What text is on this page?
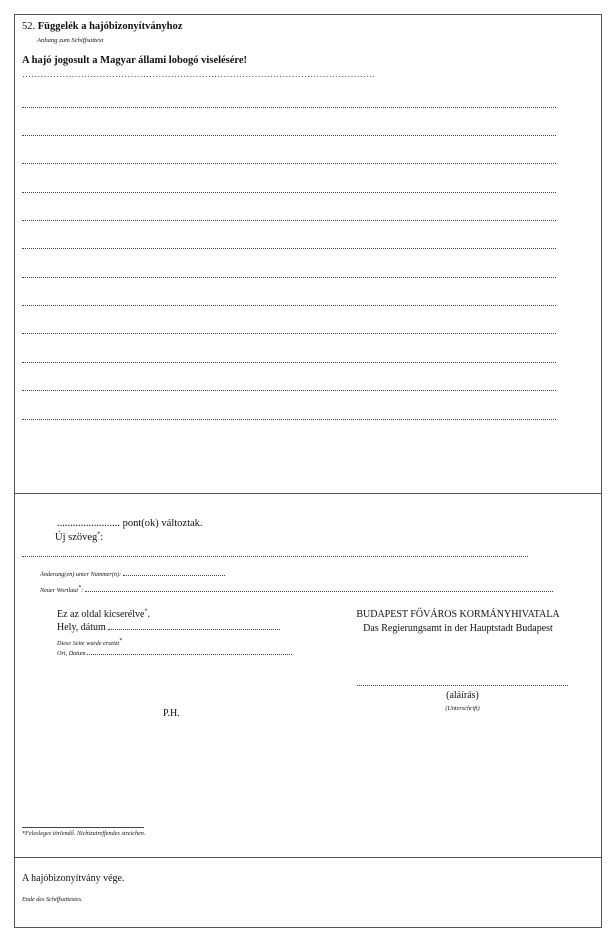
52. Függelék a hajóbizonyítványhoz
Anhang zum Schiffsattest
A hajó jogosult a Magyar állami lobogó viselésére!
……………………………………………………………………………………………………
........................ pont(ok) változtak.
Új szöveg*:
Änderung(en) unter Nummer(n):
Neuer Wortlaut*:
Ez az oldal kicserélve*.
Hely, dátum
Diese Seite wurde ersetzt*
Ort, Datum
BUDAPEST FŐVÁROS KORMÁNYHIVATALA
Das Regierungsamt in der Hauptstadt Budapest
(aláírás)
(Unterschrift)
P.H.
*Felesleges törlendő. Nichtzutreffendes streichen.
A hajóbizonyítvány vége.
Ende des Schiffsattestes.
